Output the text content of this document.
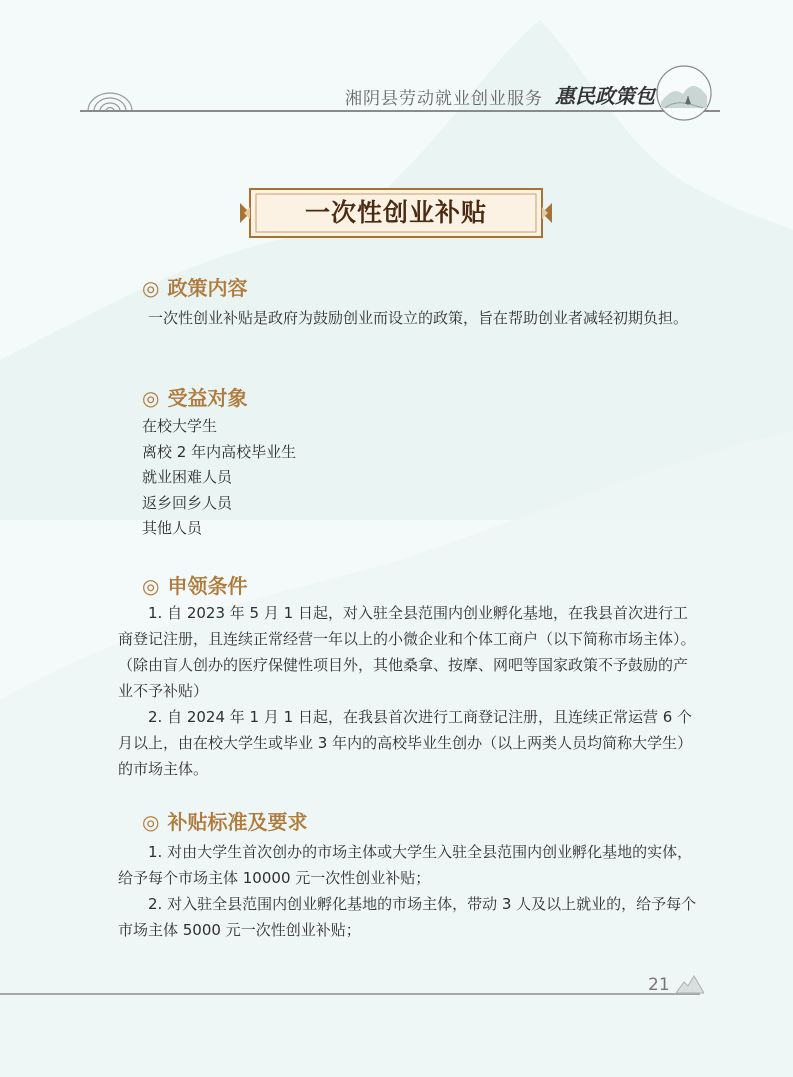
湘阴县劳动就业创业服务 惠民政策包
一次性创业补贴
◎ 政策内容

一次性创业补贴是政府为鼓励创业而设立的政策，旨在帮助创业者减轻初期负担。

◎ 受益对象
在校大学生
离校 2 年内高校毕业生
就业困难人员
返乡回乡人员
其他人员
◎ 申领条件

1. 自 2023 年 5 月 1 日起，对入驻全县范围内创业孵化基地，在我县首次进行工商登记注册，且连续正常经营一年以上的小微企业和个体工商户（以下简称市场主体）。（除由盲人创办的医疗保健性项目外，其他桑拿、按摩、网吧等国家政策不予鼓励的产业不予补贴）

2. 自 2024 年 1 月 1 日起，在我县首次进行工商登记注册，且连续正常运营 6 个月以上，由在校大学生或毕业 3 年内的高校毕业生创办（以上两类人员均简称大学生）的市场主体。

◎ 补贴标准及要求

1. 对由大学生首次创办的市场主体或大学生入驻全县范围内创业孵化基地的实体，给予每个市场主体 10000 元一次性创业补贴；

2. 对入驻全县范围内创业孵化基地的市场主体，带动 3 人及以上就业的，给予每个市场主体 5000 元一次性创业补贴；

21
